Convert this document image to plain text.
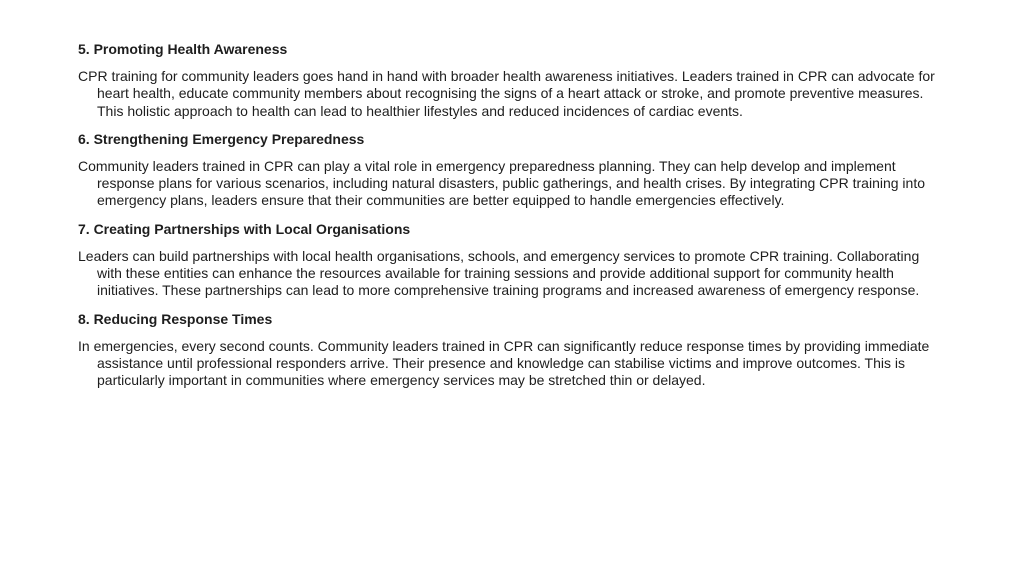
5. Promoting Health Awareness

CPR training for community leaders goes hand in hand with broader health awareness initiatives. Leaders trained in CPR can advocate for heart health, educate community members about recognising the signs of a heart attack or stroke, and promote preventive measures. This holistic approach to health can lead to healthier lifestyles and reduced incidences of cardiac events.

6. Strengthening Emergency Preparedness

Community leaders trained in CPR can play a vital role in emergency preparedness planning. They can help develop and implement response plans for various scenarios, including natural disasters, public gatherings, and health crises. By integrating CPR training into emergency plans, leaders ensure that their communities are better equipped to handle emergencies effectively.

7. Creating Partnerships with Local Organisations

Leaders can build partnerships with local health organisations, schools, and emergency services to promote CPR training. Collaborating with these entities can enhance the resources available for training sessions and provide additional support for community health initiatives. These partnerships can lead to more comprehensive training programs and increased awareness of emergency response.

8. Reducing Response Times

In emergencies, every second counts. Community leaders trained in CPR can significantly reduce response times by providing immediate assistance until professional responders arrive. Their presence and knowledge can stabilise victims and improve outcomes. This is particularly important in communities where emergency services may be stretched thin or delayed.
